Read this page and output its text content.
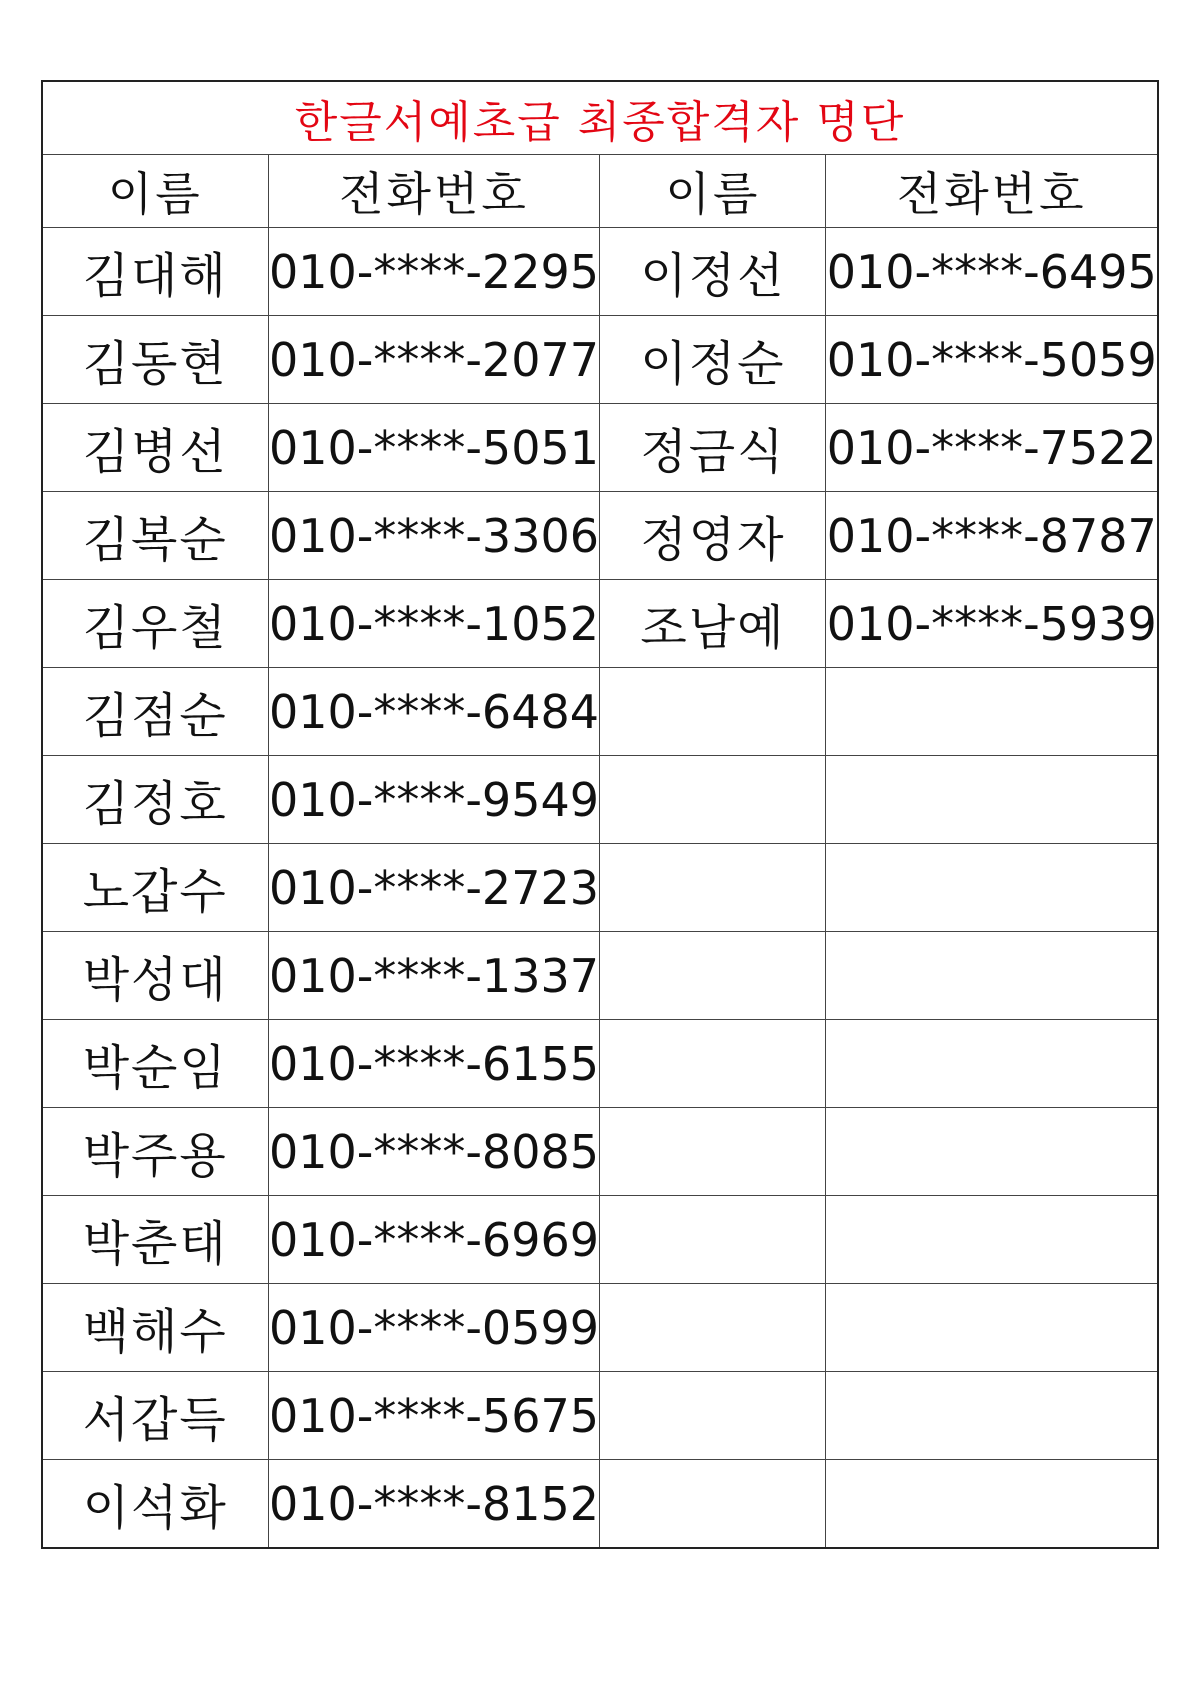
한글서예초급 최종합격자 명단			
이름	전화번호	이름	전화번호
김대해	010-****-2295	이정선	010-****-6495
김동현	010-****-2077	이정순	010-****-5059
김병선	010-****-5051	정금식	010-****-7522
김복순	010-****-3306	정영자	010-****-8787
김우철	010-****-1052	조남예	010-****-5939
김점순	010-****-6484		
김정호	010-****-9549		
노갑수	010-****-2723		
박성대	010-****-1337		
박순임	010-****-6155		
박주용	010-****-8085		
박춘태	010-****-6969		
백해수	010-****-0599		
서갑득	010-****-5675		
이석화	010-****-8152		
